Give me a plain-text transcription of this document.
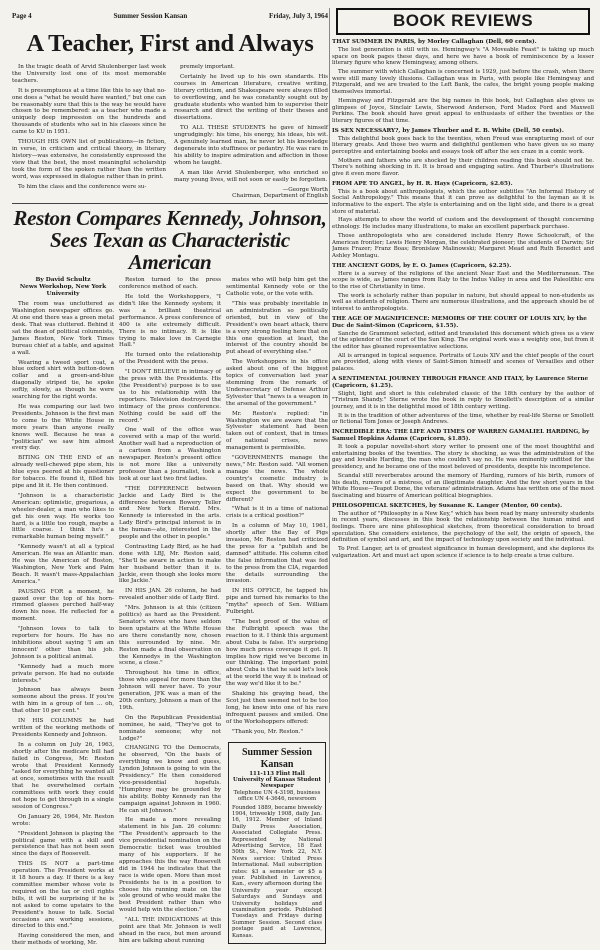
Page 4	Summer Session Kansan	Friday, July 3, 1964
A Teacher, First and Always

In the tragic death of Arvid Shulenberger last week the University lost one of its most memorable teachers.

It is presumptuous at a time like this to say that no-one does a "what he would have wanted," but one can be reasonably sure that this is the way he would have chosen to be remembered: as a teacher who made a uniquely deep impression on the hundreds and thousands of students who sat in his classes since he came to KU in 1951.

THOUGH HIS OWN list of publications—in fiction, in verse, in criticism and critical theory, in literary history—was extensive, he consistently expressed the view that the best, the most meaningful scholarship took the form of the spoken rather than the written word, was expressed in dialogue rather than in print.

To him the class and the conference were su-

premely important.

Certainly he lived up to his own standards. His courses in American literature, creative writing, literary criticism, and Shakespeare were always filled to overflowing, and he was constantly sought out by graduate students who wanted him to supervise their research and direct the writing of their theses and dissertations.

TO ALL THESE STUDENTS he gave of himself ungrudgingly: his time, his energy, his ideas, his wit. A genuinely learned man, he never let his knowledge degenerate into stuffiness or pedantry. He was rare in his ability to inspire admiration and affection in those whom he taught.

A man like Arvid Shulenberger, who enriched so many young lives, will not soon or easily be forgotten.

—George Worth

Chairman, Department of English

Reston Compares Kennedy, Johnson, Sees Texan as Characteristic American
By David Schultz
News Workshop, New York
University

The room was uncluttered as Washington newspaper offices go. At one end there was a green metal desk. That was cluttered. Behind it sat the dean of political columnists, James Reston, New York Times bureau chief at a table, and against a wall.

Wearing a tweed sport coat, a blue oxford shirt with button-down collar and a green-and-blue diagonally striped tie, he spoke softly, slowly, as though he were searching for the right words.

He was comparing our last two Presidents. Johnson is the first man to come to the White House in more years than anyone really knows well. Because he was a "politician" we saw him almost every day.

BITING ON THE END of an already well-chewed pipe stem, his blue eyes peered at his questioner for tobacco. He found it, filled his pipe and lit it. He then continued.

"Johnson is a characteristic American: optimistic, gregarious, a wheeler-dealer, a man who likes to get his own way. He works too hard, is a little too rough, maybe a little coarse. I think he's a remarkable human being myself."

"Kennedy wasn't at all a typical American. He was an Atlantic man. He was the American of Boston, Washington, New York and Palm Beach. It wasn't mass-Appalachian America."

PAUSING FOR a moment, he gazed over the top of his horn-rimmed glasses perched half-way down his nose. He reflected for a moment.

"Johnson loves to talk to reporters for hours. He has no inhibitions about saying 'I am an innocent' other than his job. Johnson is a political animal.

"Kennedy had a much more private person. He had no outside interests."

Johnson has always been someone about the press. If you're with him in a group of ten ... oh, that other 10 per cent."

IN HIS COLUMNS he had written of the working methods of Presidents Kennedy and Johnson.

In a column on July 26, 1963, shortly after the medicare bill had failed in Congress, Mr. Reston wrote that President Kennedy "asked for everything he wanted all at once, sometimes with the result that he overwhelmed certain committees with work they could not hope to get through in a single session of Congress."

On January 26, 1964, Mr. Reston wrote:

"President Johnson is playing the political game with a skill and persistence that has not been seen since the days of Roosevelt.

THIS IS NOT a part-time operation. The President works at it 18 hours a day. If there is a key committee member whose vote is required on the tax or civil rights bills, it will be surprising if he is not asked to come upstairs to the President's house to talk. Social occasions are working sessions, directed to this end."

Having considered the men, and their methods of working, Mr.

Reston turned to the press conference method of each.

He told the Workshoppers, "I didn't like the Kennedy system; it was a brilliant theatrical performance. A press conference of 400 is site extremely difficult. There is no intimacy. It is like trying to make love in Carnegie Hall."

He turned onto the relationship of the President with the press.

"I DON'T BELIEVE in intimacy of the press with the Presidents. His (the President's) purpose is to use us to his relationship with the reporters. Television destroyed the intimacy of the press conference. Nothing could be said off the record."

One wall of the office was covered with a map of the world. Another wall had a reproduction of a cartoon from a Washington newspaper. Reston's present office is not more like a university professor than a journalist, took a look at our last two first ladies.

"THE DIFFERENCE between Jackie and Lady Bird is the difference between Bowery Teller and New York Herald. Mrs. Kennedy is interested in the arts. Lady Bird's principal interest is in the human—ate, interested in the people and the other in people."

Contrasting Lady Bird, as he had done with LBJ, Mr. Reston said, "She'll be aware in action to make her husband better than it is. Jackie, even though she looks more like Jackie."

IN HIS JAN. 26 column, he had revealed another side of Lady Bird.

"Mrs. Johnson is at this (citizen politics) as hard as the President. Senator's wives who have seldom been upstairs at the White House are there constantly now, chosen this surrounded by nine. Mr. Reston made a final observation on the Kennedys in the Washington scene, a close."

Throughout his time in office, those who appeal for more than the Johnson will never have. To your generation, JFK was a man of the 20th century, Johnson a man of the 19th.

On the Republican Presidential nominee, he said, "They've got to nominate someone; why not Lodge?"

CHANGING TO the Democrats, he observed, "On the basis of everything we know and guess, Lyndon Johnson is going to win the Presidency." He then considered vice-presidential hopefuls. "Humphrey may be grounded by his ability. Bobby Kennedy ran the campaign against Johnson in 1960. He can sit Johnson."

He made a more revealing statement in his Jan. 26 column: "The President's approach to the vice presidential nomination on the Democratic ticket was troubled many of his supporters. If he approaches this the way Roosevelt did in 1944 he indicates that the race is wide open. More than most Presidents he is in a position to choose his running mate on the sole ground of who would make the best President rather than who would help win the election."

"ALL THE INDICATIONS at this point are that Mr. Johnson is well ahead in the race, but men around him are talking about running

mates who will help him get the sentimental Kennedy vote or the Catholic vote, or the vote with.

"This was probably inevitable in an administration so politically oriented, but in view of the President's own heart attack, there is a very strong feeling here that on this one question at least, the interest of the country should be put ahead of everything else."

The Workshoppers in his office asked about one of the biggest topics of conversation last year stemming from the remark of Undersecretary of Defense Arthur Sylvester that "news is a weapon in the arsenal of the government."

Mr. Reston's replied: "in Washington we are aware that the Sylvester statement had been taken out of context, that in times of national crises, news management is permissible.

"GOVERNMENTS manage the news," Mr. Reston said. "All women manage the news. The whole country's cosmetic industry is based on that. Why should we expect the government to be different?

"What is it in a time of national crisis is a critical position?"

In a column of May 10, 1961, shortly after the Bay of Pigs invasion, Mr. Reston had criticized the press for a "publish and be damned" attitude. His column cited the false information that was fed to the press from the CIA, regarded the details surrounding the invasion.

IN HIS OFFICE, he tapped his pipe and turned his remarks to the "myths" speech of Sen. William Fulbright.

"The best proof of the value of the Fulbright speech was the reaction to it. I think this argument about Cuba is false. It's surprising how much press coverage it got. It implies how rigid we've become in our thinking. The important point about Cuba is that he said let's look at the world the way it is instead of the way we'd like it to be."

Shaking his graying head, the Scot just then seemed not to be too long, he knew into one of his rare infrequent pauses and smiled. One of the Workshoppers offered:

"Thank you, Mr. Reston."

Summer Session Kansan
111-113 Flint Hall
University of Kansas Student Newspaper
Telephone UN 4-3198, business office UN 4-3646, newsroom

Founded 1889, became biweekly 1904, triweekly 1908, daily Jan. 16, 1912. Member of Inland Daily Press Association, Associated Collegiate Press. Represented by National Advertising Service, 18 East 50th St., New York 22, N.Y. News service: United Press International. Mail subscription rates: $3 a semester or $5 a year. Published in Lawrence, Kan., every afternoon during the University year except Saturdays and Sundays and University holidays and examination periods. Published Tuesdays and Fridays during Summer Session. Second class postage paid at Lawrence, Kansas.

BOOK REVIEWS
THAT SUMMER IN PARIS, by Morley Callaghan (Dell, 60 cents).

The lost generation is still with us. Hemingway's "A Moveable Feast" is taking up much space on book pages these days, and here we have a book of reminiscence by a lesser literary figure who knew Hemingway, among others.

The summer with which Callaghan is concerned is 1929, just before the crash, when there were still many lovely illusions. Callaghan was in Paris, with people like Hemingway and Fitzgerald, and we are treated to the Left Bank, the cafes, the bright young people making themselves immortal.

Hemingway and Fitzgerald are the big names in this book, but Callaghan also gives us glimpses of Joyce, Sinclair Lewis, Sherwood Anderson, Ford Madox Ford and Maxwell Perkins. The book should have great appeal to enthusiasts of either the twenties or the literary figures of that time.

IS SEX NECESSARY?, by James Thurber and E. B. White (Dell, 50 cents).

This delightful book goes back to the twenties, when Freud was enrapturing most of our literary greats. And those two warm and delightful gentlemen who have given us so many perceptive and entertaining books and essays took off after the sex craze in a comic work.

Mothers and fathers who are shocked by their children reading this book should not be. There's nothing shocking in it. It is broad and engaging satire. And Thurber's illustrations give it even more flavor.

FROM APE TO ANGEL, by H. R. Hays (Capricorn, $2.65).

This is a book about anthropologists, which the author subtitles "An Informal History of Social Anthropology." This means that it can prove as delightful to the layman as it is informative to the expert. The style is entertaining and on the light side, and there is a great store of material.

Hays attempts to show the world of custom and the development of thought concerning ethnology. He includes many illustrations, to make an excellent paperback purchase.

Those anthropologists who are considered include Henry Rowe Schoolcraft, of the American frontier; Lewis Henry Morgan, the celebrated pioneer; the students of Darwin; Sir James Frazer; Franz Boas; Bronislaw Malinowski; Margaret Mead and Ruth Benedict and Ashley Montagu.

THE ANCIENT GODS, by E. O. James (Capricorn, $2.25).

Here is a survey of the religions of the ancient Near East and the Mediterranean. The scope is wide, as James ranges from Italy to the Indus Valley in area and the Paleolithic era to the rise of Christianity in time.

The work is scholarly rather than popular in nature, but should appeal to non-students as well as students of religion. There are numerous illustrations, and the approach should be of interest to anthropologists.

THE AGE OF MAGNIFICENCE: MEMOIRS OF THE COURT OF LOUIS XIV, by the Duc de Saint-Simon (Capricorn, $1.55).

Sanche de Grammont selected, edited and translated this document which gives us a view of the splendor of the court of the Sun King. The original work was a weighty one, but from it the editor has gleaned representative selections.

All is arranged in topical sequence. Portraits of Louis XIV and the chief people of the court are provided, along with views of Saint-Simon himself and scenes of Versailles and other palaces.

A SENTIMENTAL JOURNEY THROUGH FRANCE AND ITALY, by Laurence Sterne (Capricorn, $1.25).

Slight, light and short is this celebrated classic of the 18th century by the author of "Tristram Shandy." Sterne wrote the book in reply to Smollett's description of a similar journey, and it is in the delightful mood of 18th century writing.

It is in the tradition of other adventures of the time, whether by real-life Sterne or Smollett or fictional Tom Jones or Joseph Andrews.

INCREDIBLE ERA: THE LIFE AND TIMES OF WARREN GAMALIEL HARDING, by Samuel Hopkins Adams (Capricorn, $1.85).

It took a popular novelist-short story writer to present one of the most thoughtful and entertaining books of the twenties. The story is shocking, as was the administration of the gay and lovable Harding, the man who couldn't say no. He was eminently unfitted for the presidency, and he became one of the most beloved of presidents, despite his incompetence.

Scandal still reverberates around the memory of Harding, rumors of his birth, rumors of his death, rumors of a mistress, of an illegitimate daughter. And the few short years in the White House—Teapot Dome, the veterans' administration. Adams has written one of the most fascinating and bizarre of American political biographies.

PHILOSOPHICAL SKETCHES, by Susanne K. Langer (Mentor, 60 cents).

The author of "Philosophy in a New Key," which has been read by many university students in recent years, discusses in this book the relationship between the human mind and feelings. There are nine philosophical sketches, from theoretical consideration to broad speculation. She considers existence, the psychology of the self, the origin of speech, the definition of symbol and art, and the impact of technology upon society and the individual.

To Prof. Langer, art is of greatest significance in human development, and she deplores its vulgarization. Art and must act upon science if science is to help create a true culture.
